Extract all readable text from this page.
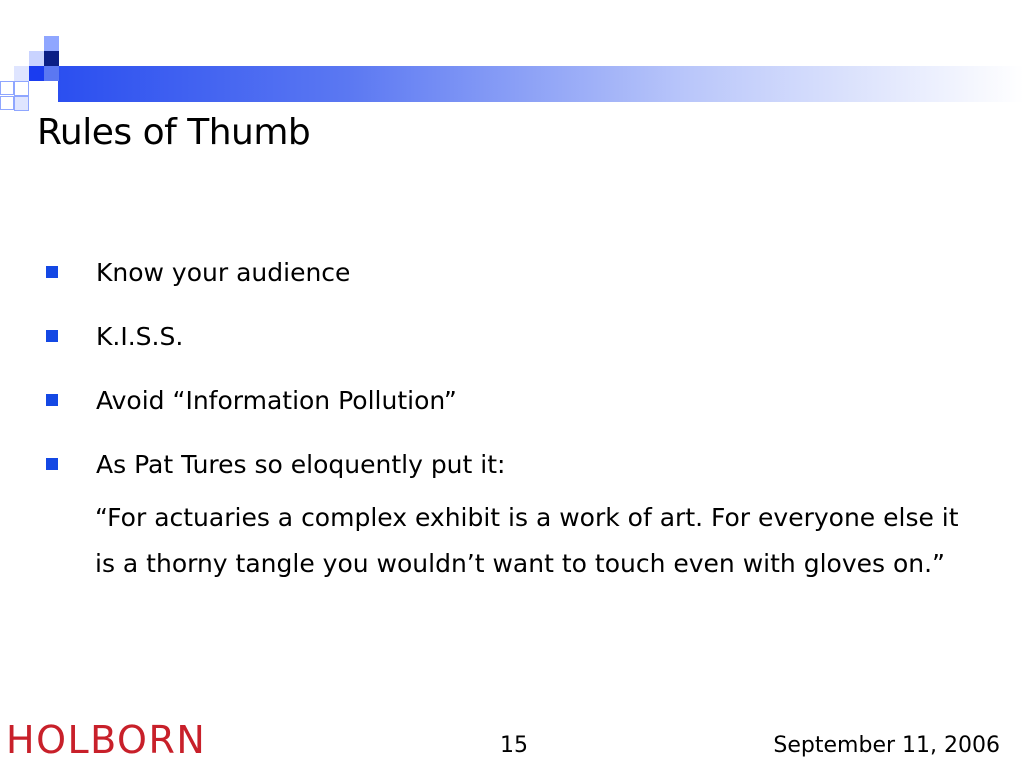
Rules of Thumb
Know your audience
K.I.S.S.
Avoid “Information Pollution”
As Pat Tures so eloquently put it:
“For actuaries a complex exhibit is a work of art. For everyone else it is a thorny tangle you wouldn’t want to touch even with gloves on.”
HOLBORN	15	September 11, 2006
